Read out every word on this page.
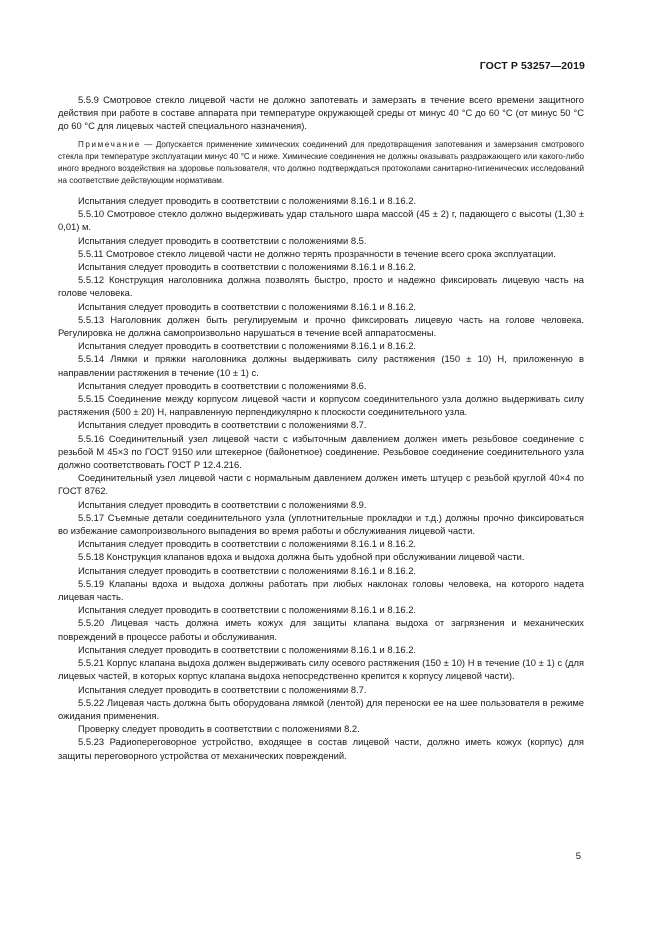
ГОСТ Р 53257—2019

5.5.9 Смотровое стекло лицевой части не должно запотевать и замерзать в течение всего времени защитного действия при работе в составе аппарата при температуре окружающей среды от минус 40 °С до 60 °С (от минус 50 °С до 60 °С для лицевых частей специального назначения).

Примечание — Допускается применение химических соединений для предотвращения запотевания и замерзания смотрового стекла при температуре эксплуатации минус 40 °С и ниже. Химические соединения не должны оказывать раздражающего или какого-либо иного вредного воздействия на здоровье пользователя, что должно подтверждаться протоколами санитарно-гигиенических исследований на соответствие действующим нормативам.

Испытания следует проводить в соответствии с положениями 8.16.1 и 8.16.2.

5.5.10 Смотровое стекло должно выдерживать удар стального шара массой (45 ± 2) г, падающего с высоты (1,30 ± 0,01) м.

Испытания следует проводить в соответствии с положениями 8.5.

5.5.11 Смотровое стекло лицевой части не должно терять прозрачности в течение всего срока эксплуатации.

Испытания следует проводить в соответствии с положениями 8.16.1 и 8.16.2.

5.5.12 Конструкция наголовника должна позволять быстро, просто и надежно фиксировать лицевую часть на голове человека.

Испытания следует проводить в соответствии с положениями 8.16.1 и 8.16.2.

5.5.13 Наголовник должен быть регулируемым и прочно фиксировать лицевую часть на голове человека. Регулировка не должна самопроизвольно нарушаться в течение всей аппаратосмены.

Испытания следует проводить в соответствии с положениями 8.16.1 и 8.16.2.

5.5.14 Лямки и пряжки наголовника должны выдерживать силу растяжения (150 ± 10) Н, приложенную в направлении растяжения в течение (10 ± 1) с.

Испытания следует проводить в соответствии с положениями 8.6.

5.5.15 Соединение между корпусом лицевой части и корпусом соединительного узла должно выдерживать силу растяжения (500 ± 20) Н, направленную перпендикулярно к плоскости соединительного узла.

Испытания следует проводить в соответствии с положениями 8.7.

5.5.16 Соединительный узел лицевой части с избыточным давлением должен иметь резьбовое соединение с резьбой М 45×3 по ГОСТ 9150 или штекерное (байонетное) соединение. Резьбовое соединение соединительного узла должно соответствовать ГОСТ Р 12.4.216.

Соединительный узел лицевой части с нормальным давлением должен иметь штуцер с резьбой круглой 40×4 по ГОСТ 8762.

Испытания следует проводить в соответствии с положениями 8.9.

5.5.17 Съемные детали соединительного узла (уплотнительные прокладки и т.д.) должны прочно фиксироваться во избежание самопроизвольного выпадения во время работы и обслуживания лицевой части.

Испытания следует проводить в соответствии с положениями 8.16.1 и 8.16.2.

5.5.18 Конструкция клапанов вдоха и выдоха должна быть удобной при обслуживании лицевой части.

Испытания следует проводить в соответствии с положениями 8.16.1 и 8.16.2.

5.5.19 Клапаны вдоха и выдоха должны работать при любых наклонах головы человека, на которого надета лицевая часть.

Испытания следует проводить в соответствии с положениями 8.16.1 и 8.16.2.

5.5.20 Лицевая часть должна иметь кожух для защиты клапана выдоха от загрязнения и механических повреждений в процессе работы и обслуживания.

Испытания следует проводить в соответствии с положениями 8.16.1 и 8.16.2.

5.5.21 Корпус клапана выдоха должен выдерживать силу осевого растяжения (150 ± 10) Н в течение (10 ± 1) с (для лицевых частей, в которых корпус клапана выдоха непосредственно крепится к корпусу лицевой части).

Испытания следует проводить в соответствии с положениями 8.7.

5.5.22 Лицевая часть должна быть оборудована лямкой (лентой) для переноски ее на шее пользователя в режиме ожидания применения.

Проверку следует проводить в соответствии с положениями 8.2.

5.5.23 Радиопереговорное устройство, входящее в состав лицевой части, должно иметь кожух (корпус) для защиты переговорного устройства от механических повреждений.

5
